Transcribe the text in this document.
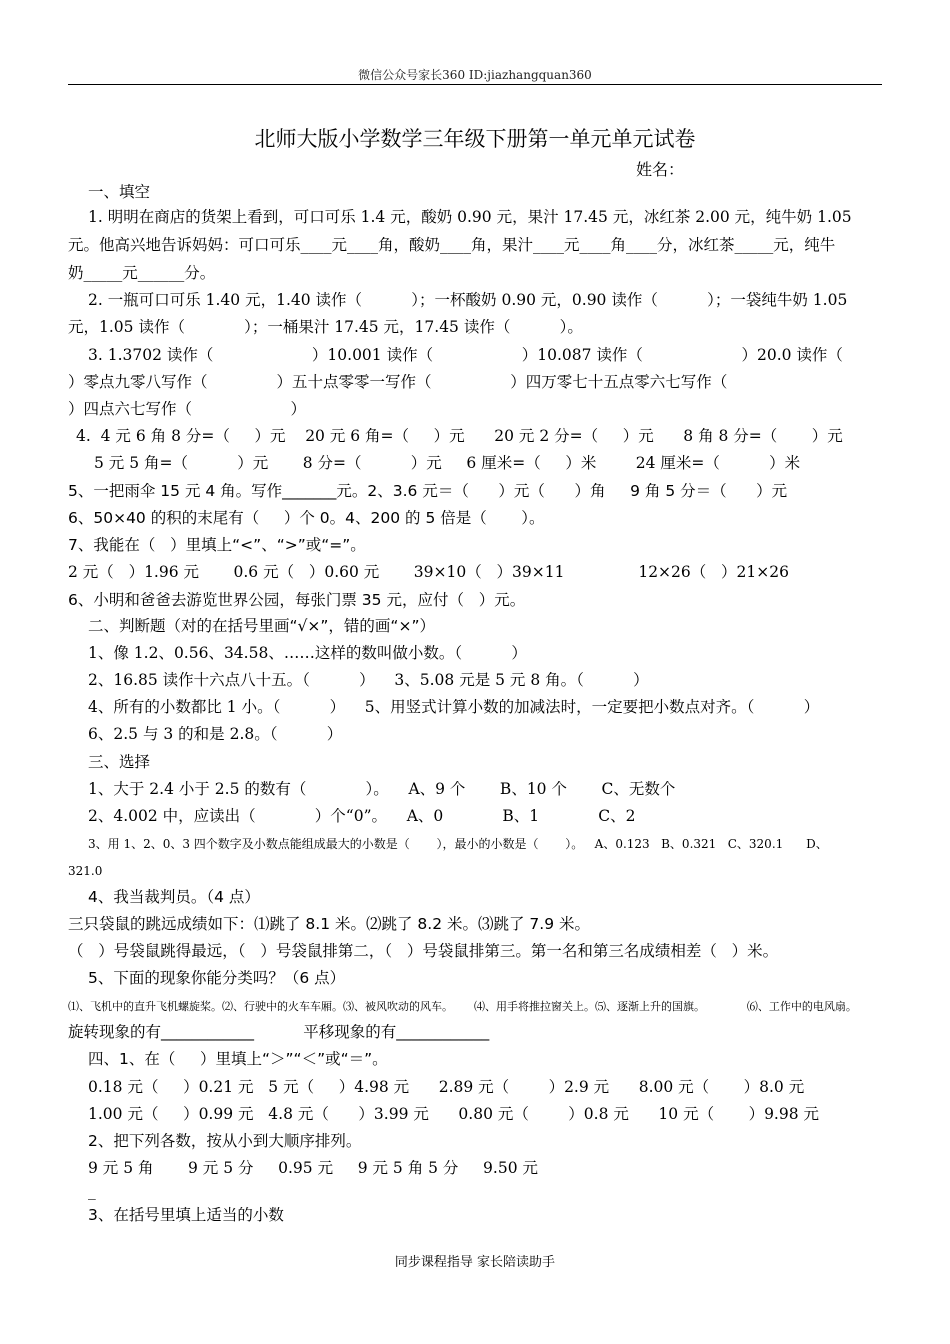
微信公众号家长360 ID:jiazhangquan360
北师大版小学数学三年级下册第一单元单元试卷
姓名：
一、填空
1. 明明在商店的货架上看到，可口可乐 1.4 元，酸奶 0.90 元，果汁 17.45 元，冰红茶 2.00 元，纯牛奶 1.05
元。他高兴地告诉妈妈：可口可乐____元____角，酸奶____角，果汁____元____角____分，冰红茶_____元，纯牛
奶_____元______分。
2. 一瓶可口可乐 1.40 元，1.40 读作（          ）；一杯酸奶 0.90 元，0.90 读作（          ）；一袋纯牛奶 1.05
元，1.05 读作（            ）；一桶果汁 17.45 元，17.45 读作（          ）。
3. 1.3702 读作（                    ）10.001 读作（                  ）10.087 读作（                    ）20.0 读作（
）零点九零八写作（              ）五十点零零一写作（                ）四万零七十五点零六七写作（
）四点六七写作（                    ）
4.  4 元 6 角 8 分=（     ）元    20 元 6 角=（     ）元      20 元 2 分=（     ）元      8 角 8 分=（       ）元
5 元 5 角=（          ）元       8 分=（          ）元     6 厘米=（     ）米        24 厘米=（          ）米
5、一把雨伞 15 元 4 角。写作_______元。2、3.6 元＝（      ）元（      ）角     9 角 5 分＝（      ）元
6、50×40 的积的末尾有（     ）个 0。4、200 的 5 倍是（       ）。
7、我能在（   ）里填上“<”、“>”或“=”。
2 元（   ）1.96 元       0.6 元（   ）0.60 元       39×10（   ）39×11               12×26（   ）21×26
6、小明和爸爸去游览世界公园，每张门票 35 元，应付（   ）元。
二、判断题（对的在括号里画“√×”，错的画“×”）
1、像 1.2、0.56、34.58、……这样的数叫做小数。（          ）
2、16.85 读作十六点八十五。（          ）    3、5.08 元是 5 元 8 角。（          ）
4、所有的小数都比 1 小。（          ）    5、用竖式计算小数的加减法时，一定要把小数点对齐。（          ）
6、2.5 与 3 的和是 2.8。（          ）
三、选择
1、大于 2.4 小于 2.5 的数有（            ）。    A、9 个       B、10 个       C、无数个
2、4.002 中，应读出（            ）个“0”。    A、0            B、1            C、2
3、用 1、2、0、3 四个数字及小数点能组成最大的小数是（       ），最小的小数是（       ）。   A、0.123   B、0.321   C、320.1      D、
321.0
4、我当裁判员。（4 点）
三只袋鼠的跳远成绩如下：⑴跳了 8.1 米。⑵跳了 8.2 米。⑶跳了 7.9 米。
（   ）号袋鼠跳得最远，（   ）号袋鼠排第二，（   ）号袋鼠排第三。第一名和第三名成绩相差（   ）米。
5、下面的现象你能分类吗？（6 点）
⑴、飞机中的直升飞机螺旋桨。⑵、行驶中的火车车厢。⑶、被风吹动的风车。      ⑷、用手将推拉窗关上。⑸、逐渐上升的国旗。            ⑹、工作中的电风扇。
旋转现象的有____________          平移现象的有____________
四、1、在（     ）里填上“＞”“＜”或“＝”。
0.18 元（     ）0.21 元   5 元（     ）4.98 元      2.89 元（        ）2.9 元      8.00 元（       ）8.0 元
1.00 元（     ）0.99 元   4.8 元（      ）3.99 元      0.80 元（        ）0.8 元      10 元（       ）9.98 元
2、把下列各数，按从小到大顺序排列。
9 元 5 角       9 元 5 分     0.95 元     9 元 5 角 5 分     9.50 元
_
3、在括号里填上适当的小数
同步课程指导 家长陪读助手
